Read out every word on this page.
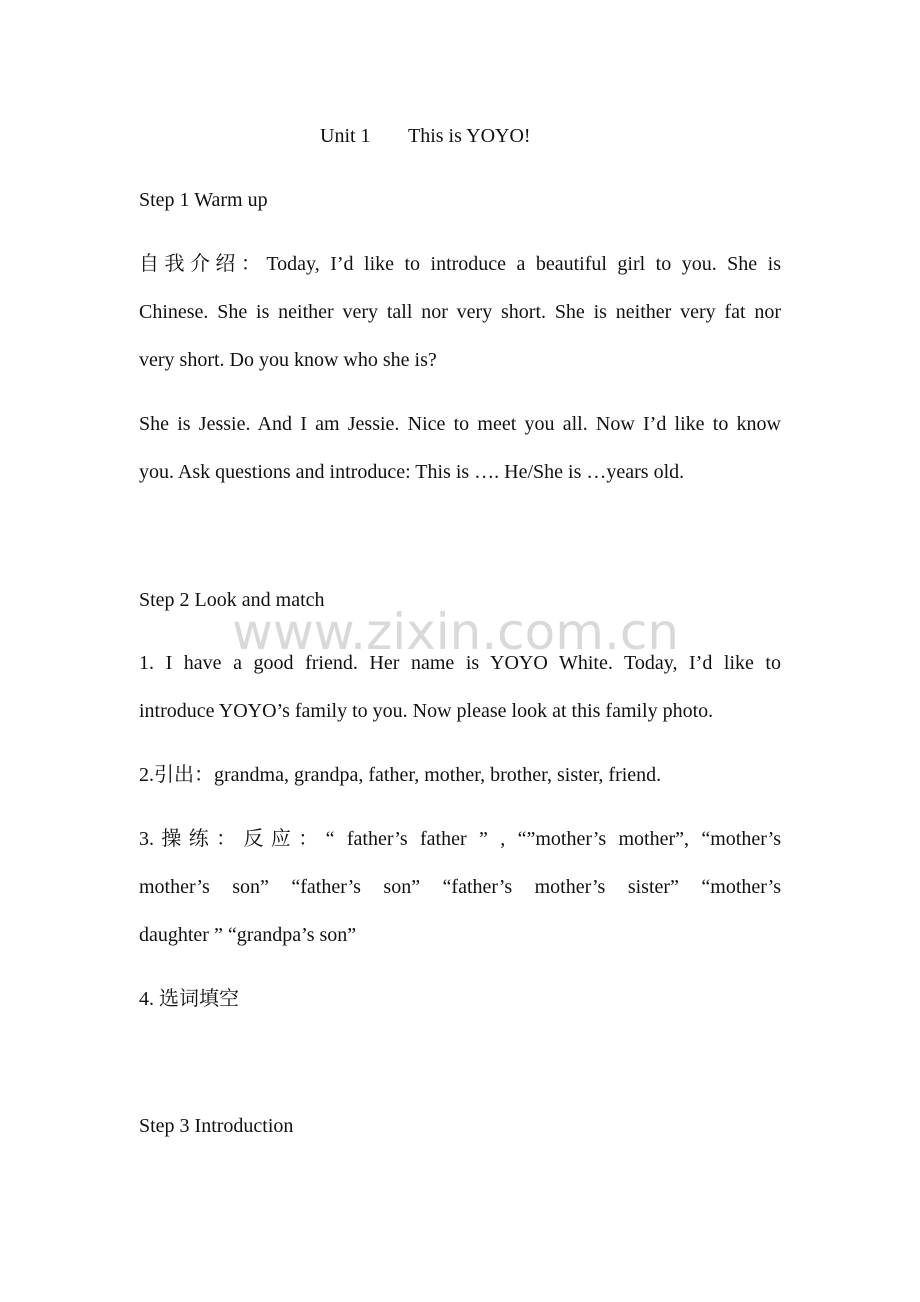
Unit 1 This is YOYO!
Step 1 Warm up
自我介绍：Today, I’d like to introduce a beautiful girl to you. She is
Chinese. She is neither very tall nor very short. She is neither very fat nor
very short. Do you know who she is?
She is Jessie. And I am Jessie. Nice to meet you all. Now I’d like to know
you. Ask questions and introduce: This is …. He/She is …years old.
Step 2 Look and match
www.zixin.com.cn
1. I have a good friend. Her name is YOYO White. Today, I’d like to
introduce YOYO’s family to you. Now please look at this family photo.
2.引出：grandma, grandpa, father, mother, brother, sister, friend.
3.操练：反应：“ father’s father ” , “”mother’s mother”, “mother’s
mother’s son” “father’s son” “father’s mother’s sister” “mother’s
daughter ” “grandpa’s son”
4. 选词填空
Step 3 Introduction
